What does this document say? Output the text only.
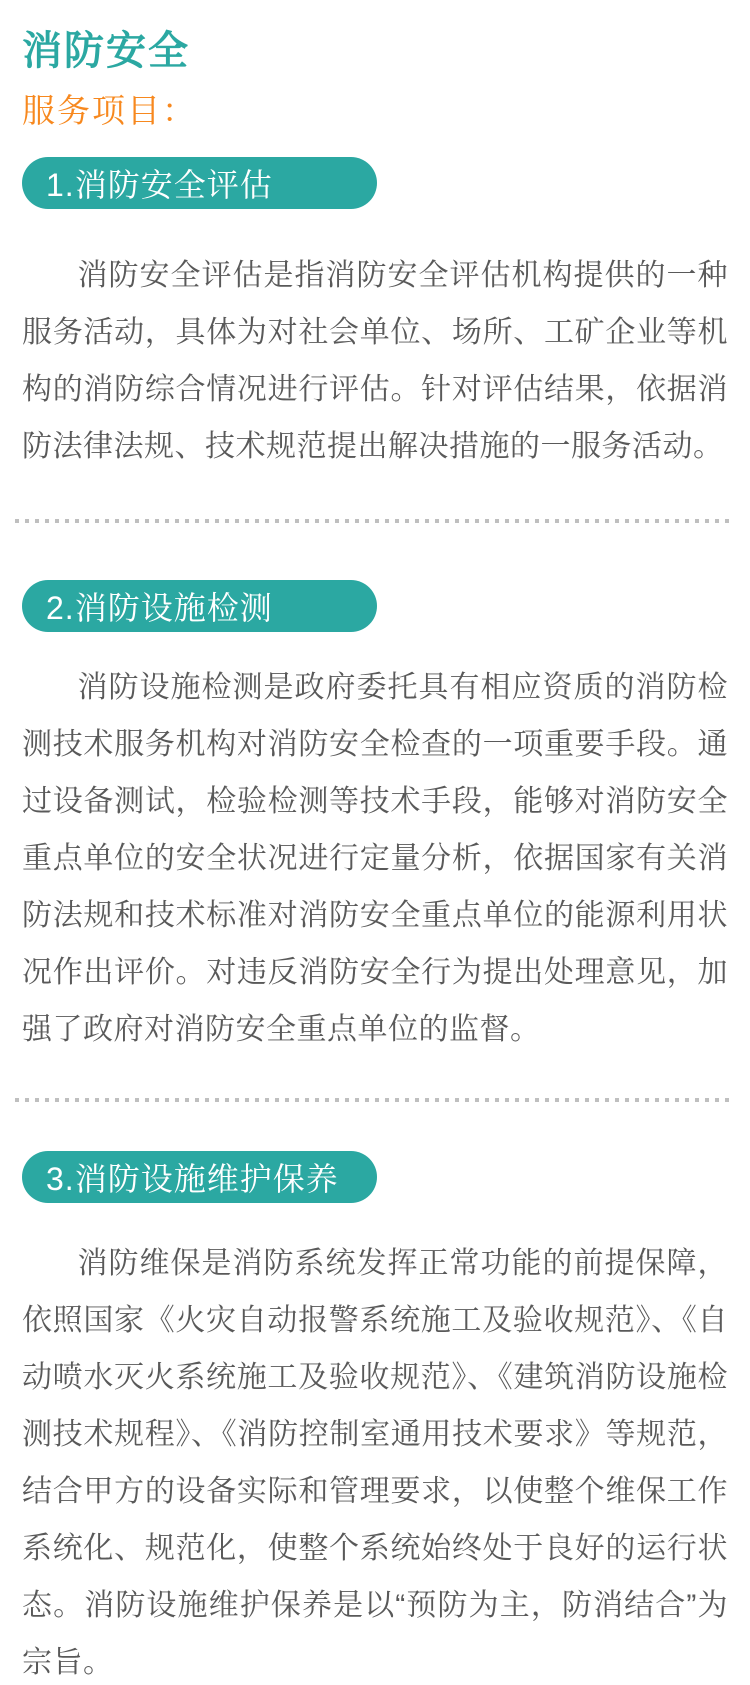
消防安全
服务项目：
1.消防安全评估

消防安全评估是指消防安全评估机构提供的一种服务活动，具体为对社会单位、场所、工矿企业等机构的消防综合情况进行评估。针对评估结果，依据消防法律法规、技术规范提出解决措施的一服务活动。

2.消防设施检测

消防设施检测是政府委托具有相应资质的消防检测技术服务机构对消防安全检查的一项重要手段。通过设备测试，检验检测等技术手段，能够对消防安全重点单位的安全状况进行定量分析，依据国家有关消防法规和技术标准对消防安全重点单位的能源利用状况作出评价。对违反消防安全行为提出处理意见，加强了政府对消防安全重点单位的监督。

3.消防设施维护保养

消防维保是消防系统发挥正常功能的前提保障，依照国家《火灾自动报警系统施工及验收规范》、《自动喷水灭火系统施工及验收规范》、《建筑消防设施检测技术规程》、《消防控制室通用技术要求》等规范，结合甲方的设备实际和管理要求，以使整个维保工作系统化、规范化，使整个系统始终处于良好的运行状态。消防设施维护保养是以“预防为主，防消结合”为宗旨。
